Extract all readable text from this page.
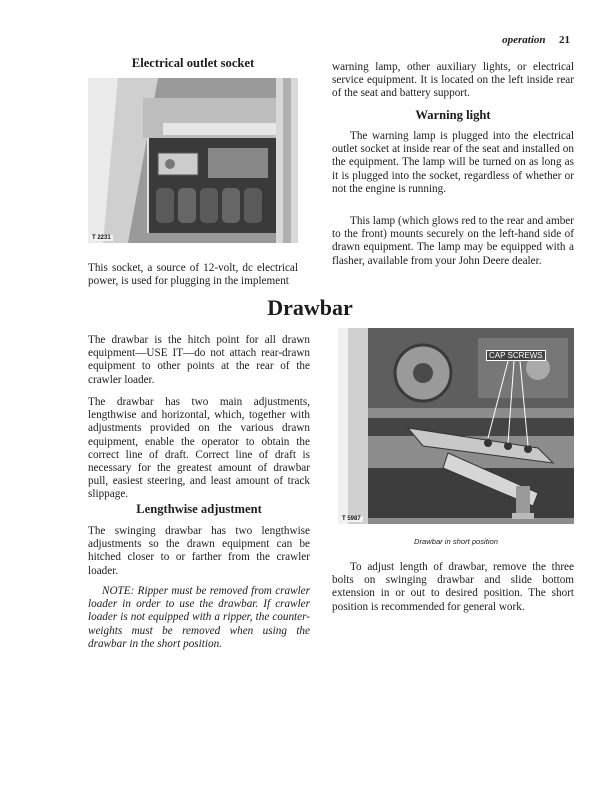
operation 21
Electrical outlet socket
T 2231

This socket, a source of 12-volt, dc electrical power, is used for plugging in the implement

warning lamp, other auxiliary lights, or electrical service equipment. It is located on the left inside rear of the seat and battery support.

Warning light

The warning lamp is plugged into the electrical outlet socket at inside rear of the seat and installed on the equipment. The lamp will be turned on as long as it is plugged into the socket, regardless of whether or not the engine is running.

This lamp (which glows red to the rear and amber to the front) mounts securely on the left-hand side of drawn equipment. The lamp may be equipped with a flasher, available from your John Deere dealer.

Drawbar

The drawbar is the hitch point for all drawn equipment—USE IT—do not attach rear-drawn equipment to other points at the rear of the crawler loader.

The drawbar has two main adjustments, lengthwise and horizontal, which, together with adjustments provided on the various drawn equipment, enable the operator to obtain the correct line of draft. Correct line of draft is necessary for the greatest amount of drawbar pull, easiest steering, and least amount of track slippage.

Lengthwise adjustment

The swinging drawbar has two lengthwise adjustments so the drawn equipment can be hitched closer to or farther from the crawler loader.

NOTE: Ripper must be removed from crawler loader in order to use the drawbar. If crawler loader is not equipped with a ripper, the counter-weights must be removed when using the drawbar in the short position.

CAP SCREWS
T 5987
Drawbar in short position

To adjust length of drawbar, remove the three bolts on swinging drawbar and slide bottom extension in or out to desired position. The short position is recommended for general work.
